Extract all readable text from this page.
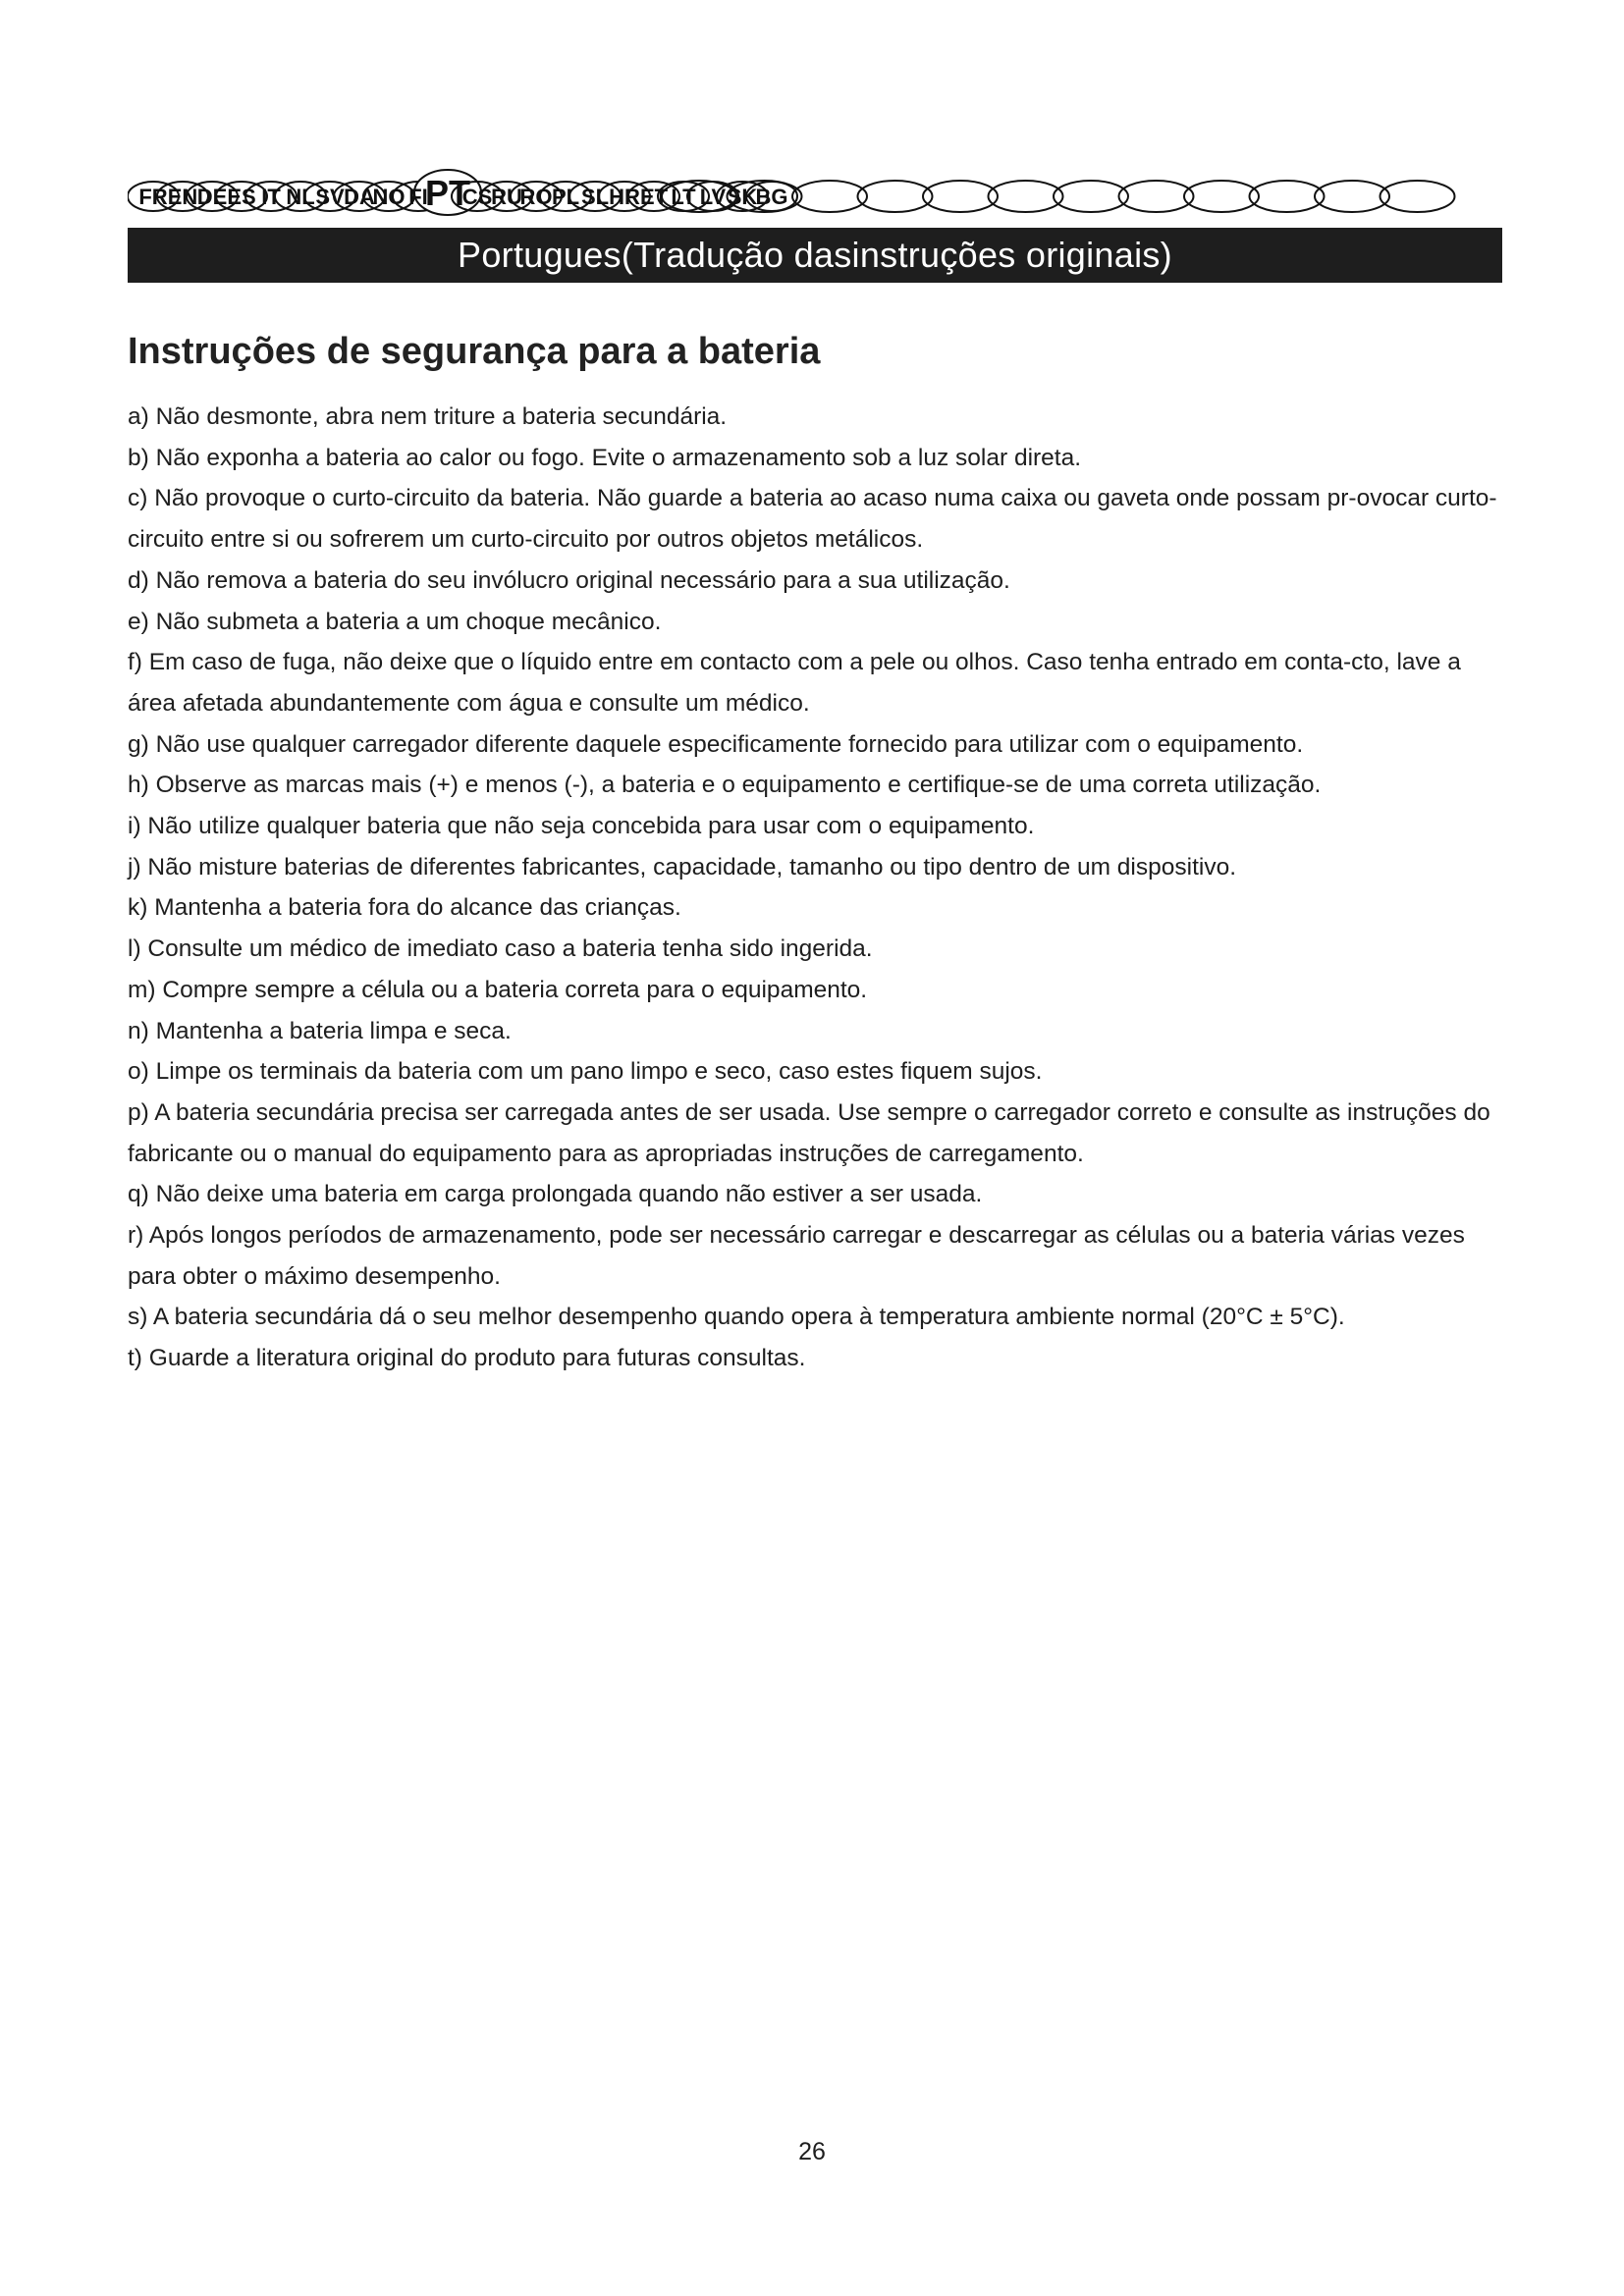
FR EN DE ES IT NL SV DA
NO FI
PT
CS
RU
RO PL SL HR ET LT LV SK
BG
Portugues(Tradução dasinstruções originais)
Instruções de segurança para a bateria
a) Não desmonte, abra nem triture a bateria secundária.
b) Não exponha a bateria ao calor ou fogo. Evite o armazenamento sob a luz solar direta.
c) Não provoque o curto-circuito da bateria. Não guarde a bateria ao acaso numa caixa ou gaveta onde possam pr-ovocar curto-circuito entre si ou sofrerem um curto-circuito por outros objetos metálicos.
d) Não remova a bateria do seu invólucro original necessário para a sua utilização.
e) Não submeta a bateria a um choque mecânico.
f) Em caso de fuga, não deixe que o líquido entre em contacto com a pele ou olhos. Caso tenha entrado em conta-cto, lave a área afetada abundantemente com água e consulte um médico.
g) Não use qualquer carregador diferente daquele especificamente fornecido para utilizar com o equipamento.
h) Observe as marcas mais (+) e menos (-), a bateria e o equipamento e certifique-se de uma correta utilização.
i) Não utilize qualquer bateria que não seja concebida para usar com o equipamento.
j) Não misture baterias de diferentes fabricantes, capacidade, tamanho ou tipo dentro de um dispositivo.
k) Mantenha a bateria fora do alcance das crianças.
l) Consulte um médico de imediato caso a bateria tenha sido ingerida.
m) Compre sempre a célula ou a bateria correta para o equipamento.
n) Mantenha a bateria limpa e seca.
o) Limpe os terminais da bateria com um pano limpo e seco, caso estes fiquem sujos.
p) A bateria secundária precisa ser carregada antes de ser usada. Use sempre o carregador correto e consulte as instruções do fabricante ou o manual do equipamento para as apropriadas instruções de carregamento.
q) Não deixe uma bateria em carga prolongada quando não estiver a ser usada.
r) Após longos períodos de armazenamento, pode ser necessário carregar e descarregar as células ou a bateria várias vezes para obter o máximo desempenho.
s) A bateria secundária dá o seu melhor desempenho quando opera à temperatura ambiente normal (20°C ± 5°C).
t) Guarde a literatura original do produto para futuras consultas.
26
